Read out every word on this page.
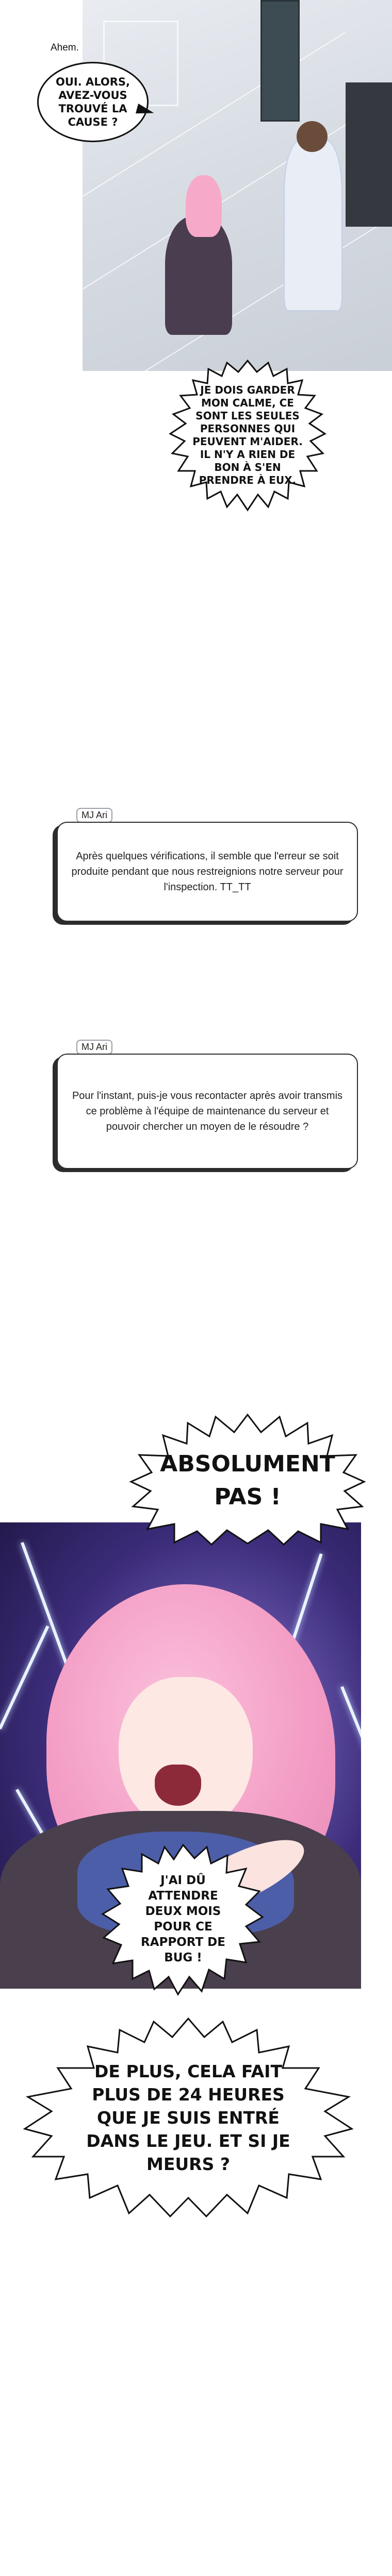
Ahem.
OUI. ALORS, AVEZ-VOUS TROUVÉ LA CAUSE ?
JE DOIS GARDER MON CALME, CE SONT LES SEULES PERSONNES QUI PEUVENT M'AIDER. IL N'Y A RIEN DE BON À S'EN PRENDRE À EUX.
MJ Ari
Après quelques vérifications, il semble que l'erreur se soit produite pendant que nous restreignions notre serveur pour l'inspection. TT_TT
MJ Ari
Pour l'instant, puis-je vous recontacter après avoir transmis ce problème à l'équipe de maintenance du serveur et pouvoir chercher un moyen de le résoudre ?
ABSOLUMENT PAS !
J'AI DÛ ATTENDRE DEUX MOIS POUR CE RAPPORT DE BUG !
DE PLUS, CELA FAIT PLUS DE 24 HEURES QUE JE SUIS ENTRÉ DANS LE JEU. ET SI JE MEURS ?
